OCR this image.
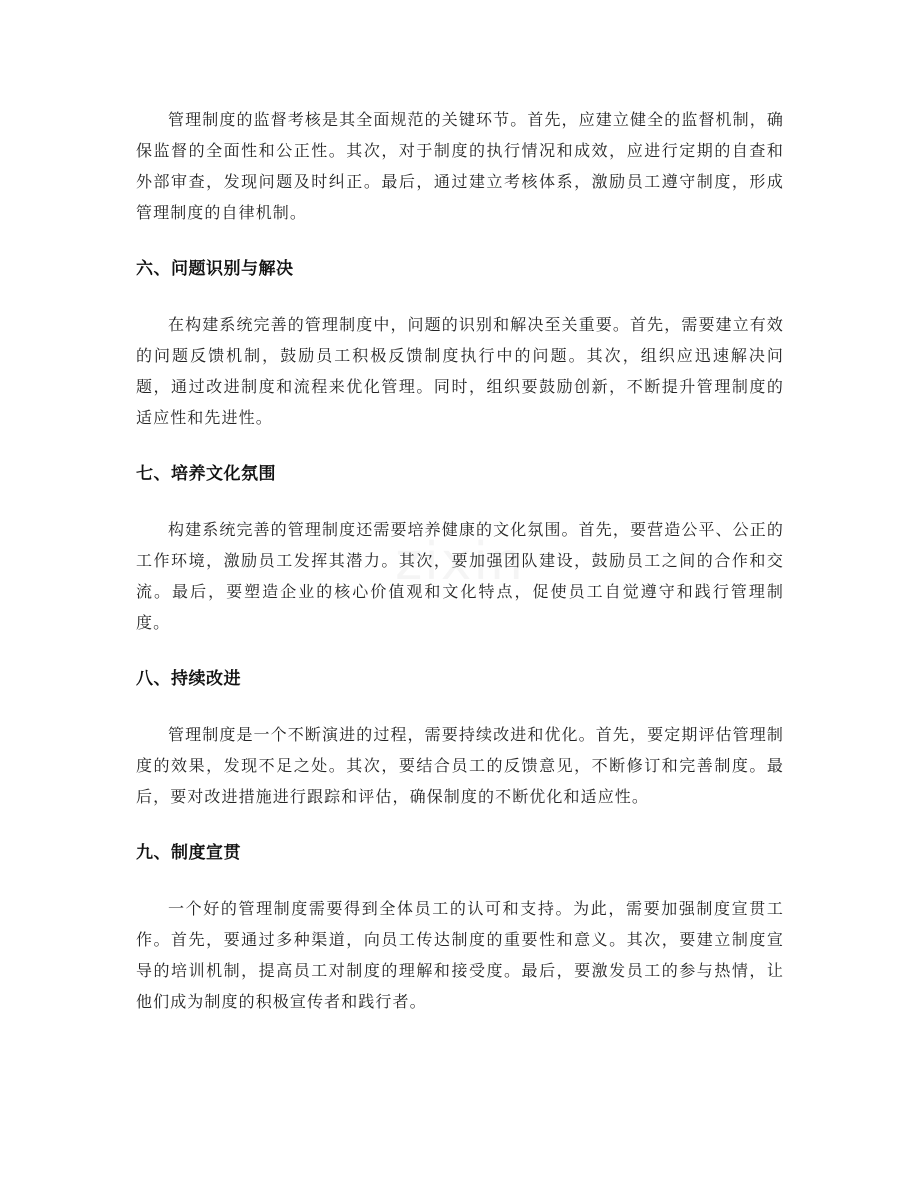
管理制度的监督考核是其全面规范的关键环节。首先，应建立健全的监督机制，确保监督的全面性和公正性。其次，对于制度的执行情况和成效，应进行定期的自查和外部审查，发现问题及时纠正。最后，通过建立考核体系，激励员工遵守制度，形成管理制度的自律机制。

六、问题识别与解决

在构建系统完善的管理制度中，问题的识别和解决至关重要。首先，需要建立有效的问题反馈机制，鼓励员工积极反馈制度执行中的问题。其次，组织应迅速解决问题，通过改进制度和流程来优化管理。同时，组织要鼓励创新，不断提升管理制度的适应性和先进性。

七、培养文化氛围

构建系统完善的管理制度还需要培养健康的文化氛围。首先，要营造公平、公正的工作环境，激励员工发挥其潜力。其次，要加强团队建设，鼓励员工之间的合作和交流。最后，要塑造企业的核心价值观和文化特点，促使员工自觉遵守和践行管理制度。

八、持续改进

管理制度是一个不断演进的过程，需要持续改进和优化。首先，要定期评估管理制度的效果，发现不足之处。其次，要结合员工的反馈意见，不断修订和完善制度。最后，要对改进措施进行跟踪和评估，确保制度的不断优化和适应性。

九、制度宣贯

一个好的管理制度需要得到全体员工的认可和支持。为此，需要加强制度宣贯工作。首先，要通过多种渠道，向员工传达制度的重要性和意义。其次，要建立制度宣导的培训机制，提高员工对制度的理解和接受度。最后，要激发员工的参与热情，让他们成为制度的积极宣传者和践行者。
